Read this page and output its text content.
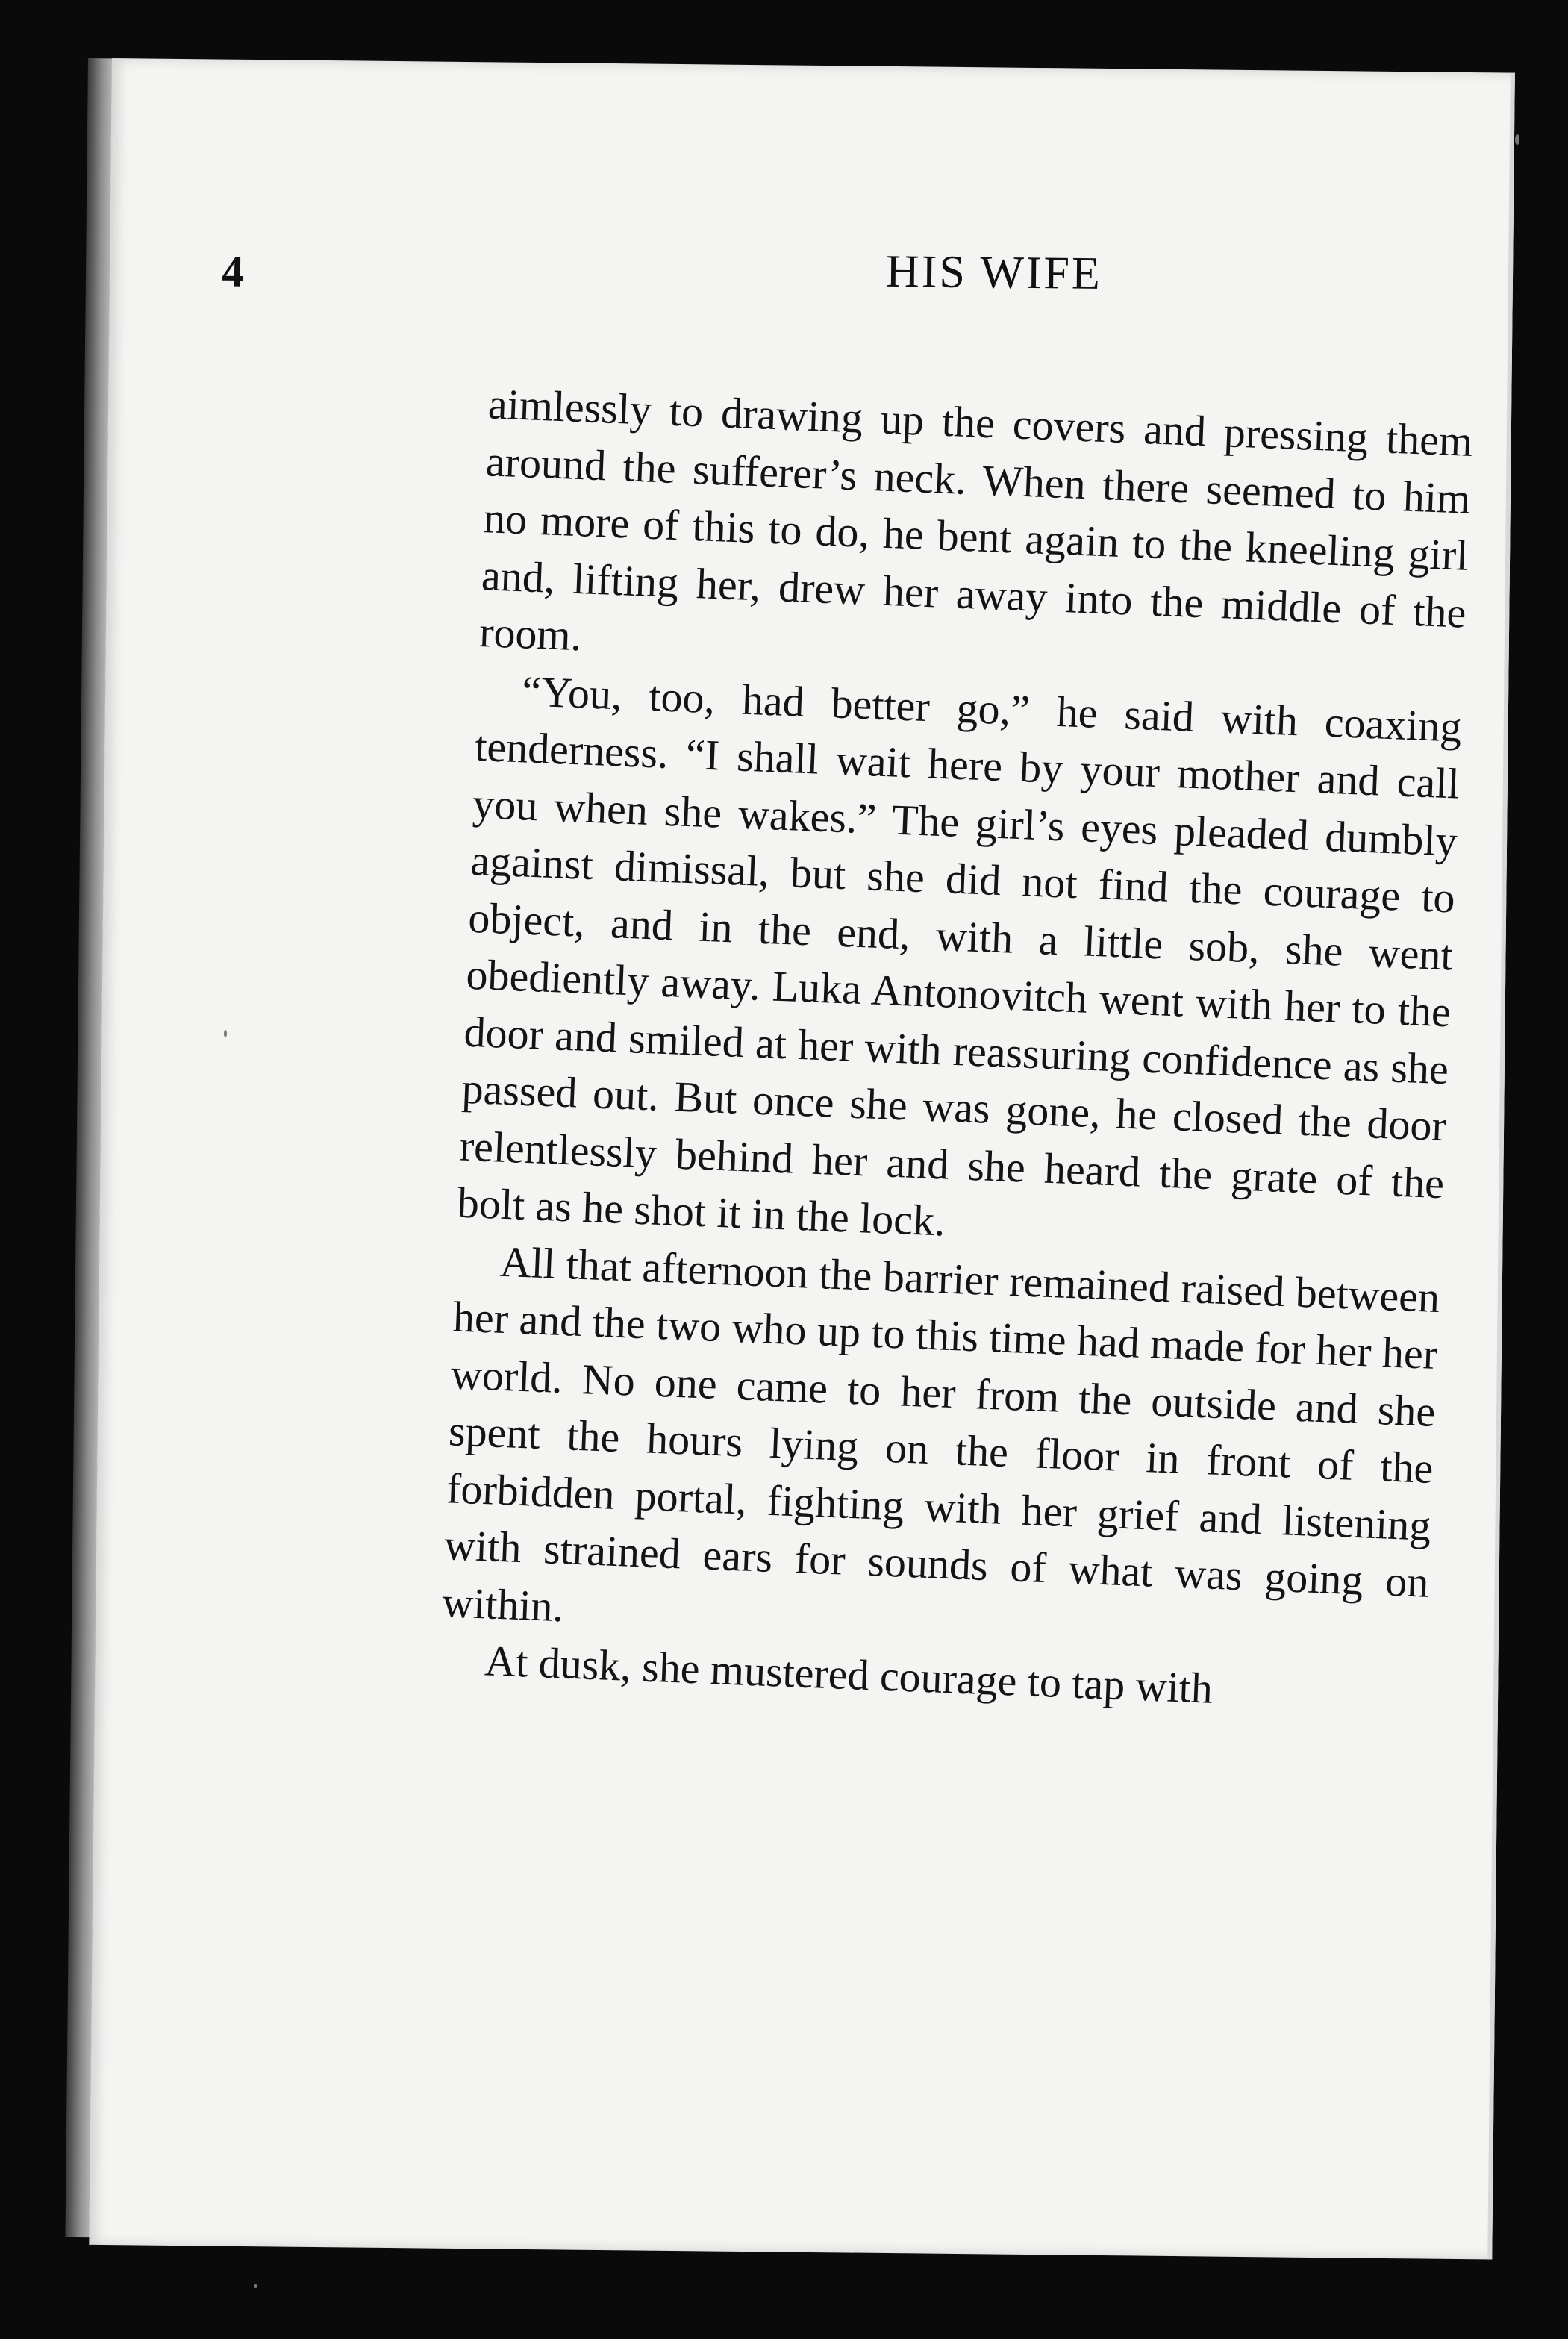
4	HIS WIFE

aimlessly to drawing up the covers and pressing them around the sufferer’s neck. When there seemed to him no more of this to do, he bent again to the kneeling girl and, lifting her, drew her away into the middle of the room.

“You, too, had better go,” he said with coaxing tenderness. “I shall wait here by your mother and call you when she wakes.” The girl’s eyes pleaded dumbly against dimissal, but she did not find the courage to object, and in the end, with a little sob, she went obediently away. Luka Antonovitch went with her to the door and smiled at her with reassuring confidence as she passed out. But once she was gone, he closed the door relentlessly behind her and she heard the grate of the bolt as he shot it in the lock.

All that afternoon the barrier remained raised between her and the two who up to this time had made for her her world. No one came to her from the outside and she spent the hours lying on the floor in front of the forbidden portal, fighting with her grief and listening with strained ears for sounds of what was going on within.

At dusk, she mustered courage to tap with
